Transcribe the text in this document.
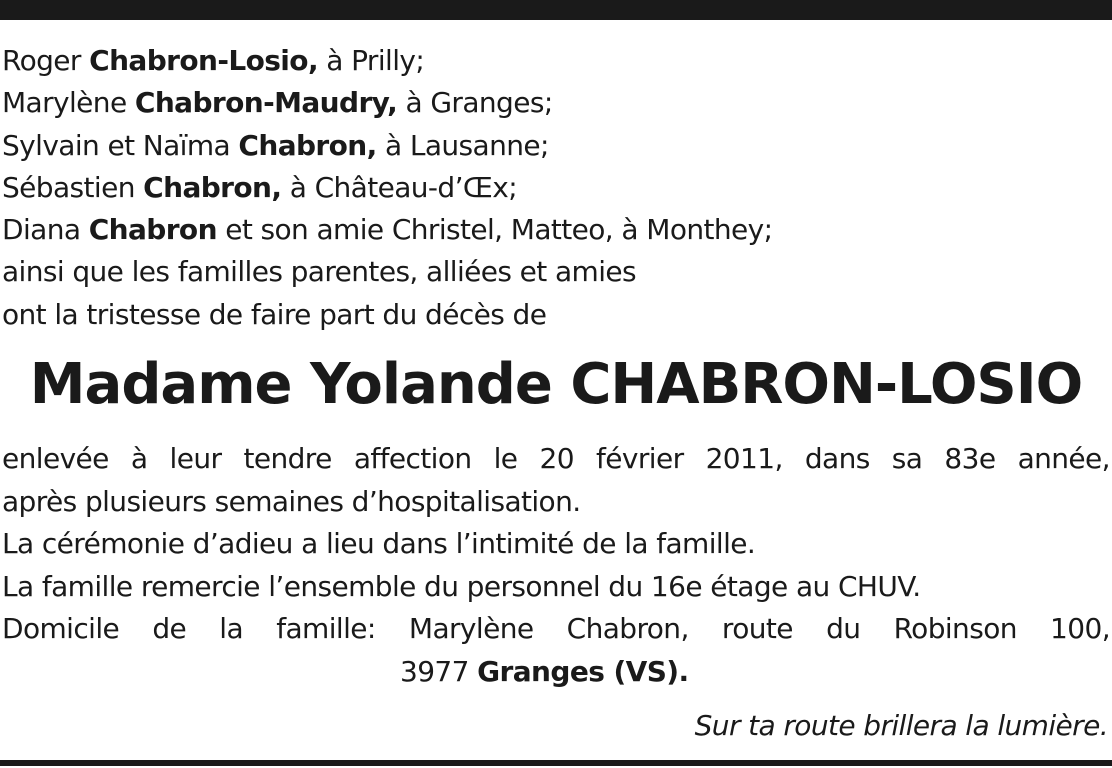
Roger Chabron-Losio, à Prilly;
Marylène Chabron-Maudry, à Granges;
Sylvain et Naïma Chabron, à Lausanne;
Sébastien Chabron, à Château-d’Œx;
Diana Chabron et son amie Christel, Matteo, à Monthey;
ainsi que les familles parentes, alliées et amies
ont la tristesse de faire part du décès de
Madame Yolande CHABRON-LOSIO
enlevée à leur tendre affection le 20 février 2011, dans sa 83e année,
après plusieurs semaines d’hospitalisation.
La cérémonie d’adieu a lieu dans l’intimité de la famille.
La famille remercie l’ensemble du personnel du 16e étage au CHUV.
Domicile de la famille: Marylène Chabron, route du Robinson 100,
3977 Granges (VS).
Sur ta route brillera la lumière.
